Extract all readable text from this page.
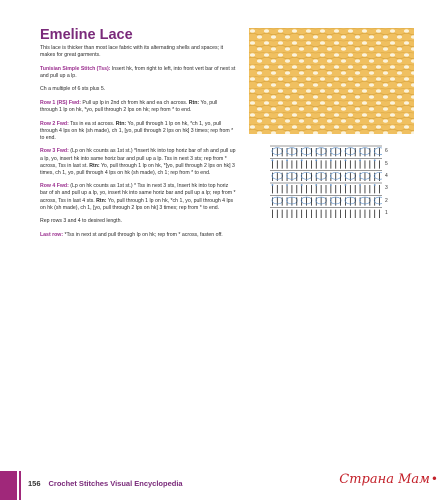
Emeline Lace

This lace is thicker than most lace fabric with its alternating shells and spaces; it makes for great garments.

Tunisian Simple Stitch (Tss): Insert hk, from right to left, into front vert bar of next st and pull up a lp.

Ch a multiple of 6 sts plus 5.

Row 1 (RS) Fwd: Pull up lp in 2nd ch from hk and ea ch across. Rtn: Yo, pull through 1 lp on hk, *yo, pull through 2 lps on hk; rep from * to end.

Row 2 Fwd: Tss in ea st across. Rtn: Yo, pull through 1 lp on hk, *ch 1, yo, pull through 4 lps on hk (sh made), ch 1, [yo, pull through 2 lps on hk] 3 times; rep from * to end.

Row 3 Fwd: (Lp on hk counts as 1st st.) *Insert hk into top horiz bar of sh and pull up a lp, yo, insert hk into same horiz bar and pull up a lp. Tss in next 3 sts; rep from * across, Tss in last st. Rtn: Yo, pull through 1 lp on hk, *[yo, pull through 2 lps on hk] 3 times, ch 1, yo, pull through 4 lps on hk (sh made), ch 1; rep from * to end.

Row 4 Fwd: (Lp on hk counts as 1st st.) * Tss in next 3 sts, Insert hk into top horiz bar of sh and pull up a lp, yo, insert hk into same horiz bar and pull up a lp; rep from * across, Tss in last 4 sts. Rtn: Yo, pull through 1 lp on hk, *ch 1, yo, pull through 4 lps on hk (sh made), ch 1, [yo, pull through 2 lps on hk] 3 times; rep from * to end.

Rep rows 3 and 4 to desired length.

Last row: *Tss in next st and pull through lp on hk; rep from * across, fasten off.

6
5
4
3
2
1
156 Crochet Stitches Visual Encyclopedia	Страна Мам•
